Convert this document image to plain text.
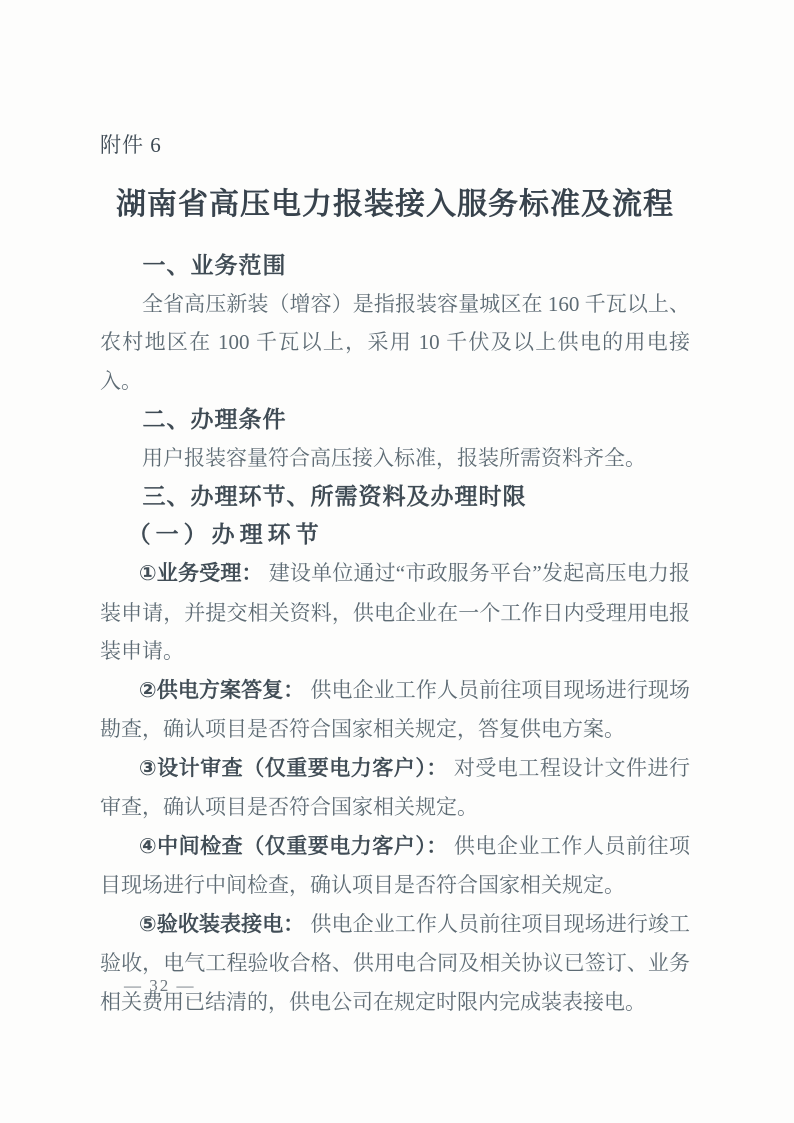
附件 6
湖南省高压电力报装接入服务标准及流程

一、业务范围

全省高压新装（增容）是指报装容量城区在 160 千瓦以上、农村地区在 100 千瓦以上，采用 10 千伏及以上供电的用电接入。

二、办理条件

用户报装容量符合高压接入标准，报装所需资料齐全。

三、办理环节、所需资料及办理时限

（一）办理环节

①业务受理： 建设单位通过“市政服务平台”发起高压电力报装申请，并提交相关资料，供电企业在一个工作日内受理用电报装申请。

②供电方案答复： 供电企业工作人员前往项目现场进行现场勘查，确认项目是否符合国家相关规定，答复供电方案。

③设计审查（仅重要电力客户）： 对受电工程设计文件进行审查，确认项目是否符合国家相关规定。

④中间检查（仅重要电力客户）： 供电企业工作人员前往项目现场进行中间检查，确认项目是否符合国家相关规定。

⑤验收装表接电： 供电企业工作人员前往项目现场进行竣工验收，电气工程验收合格、供用电合同及相关协议已签订、业务相关费用已结清的，供电公司在规定时限内完成装表接电。

— 32 —
